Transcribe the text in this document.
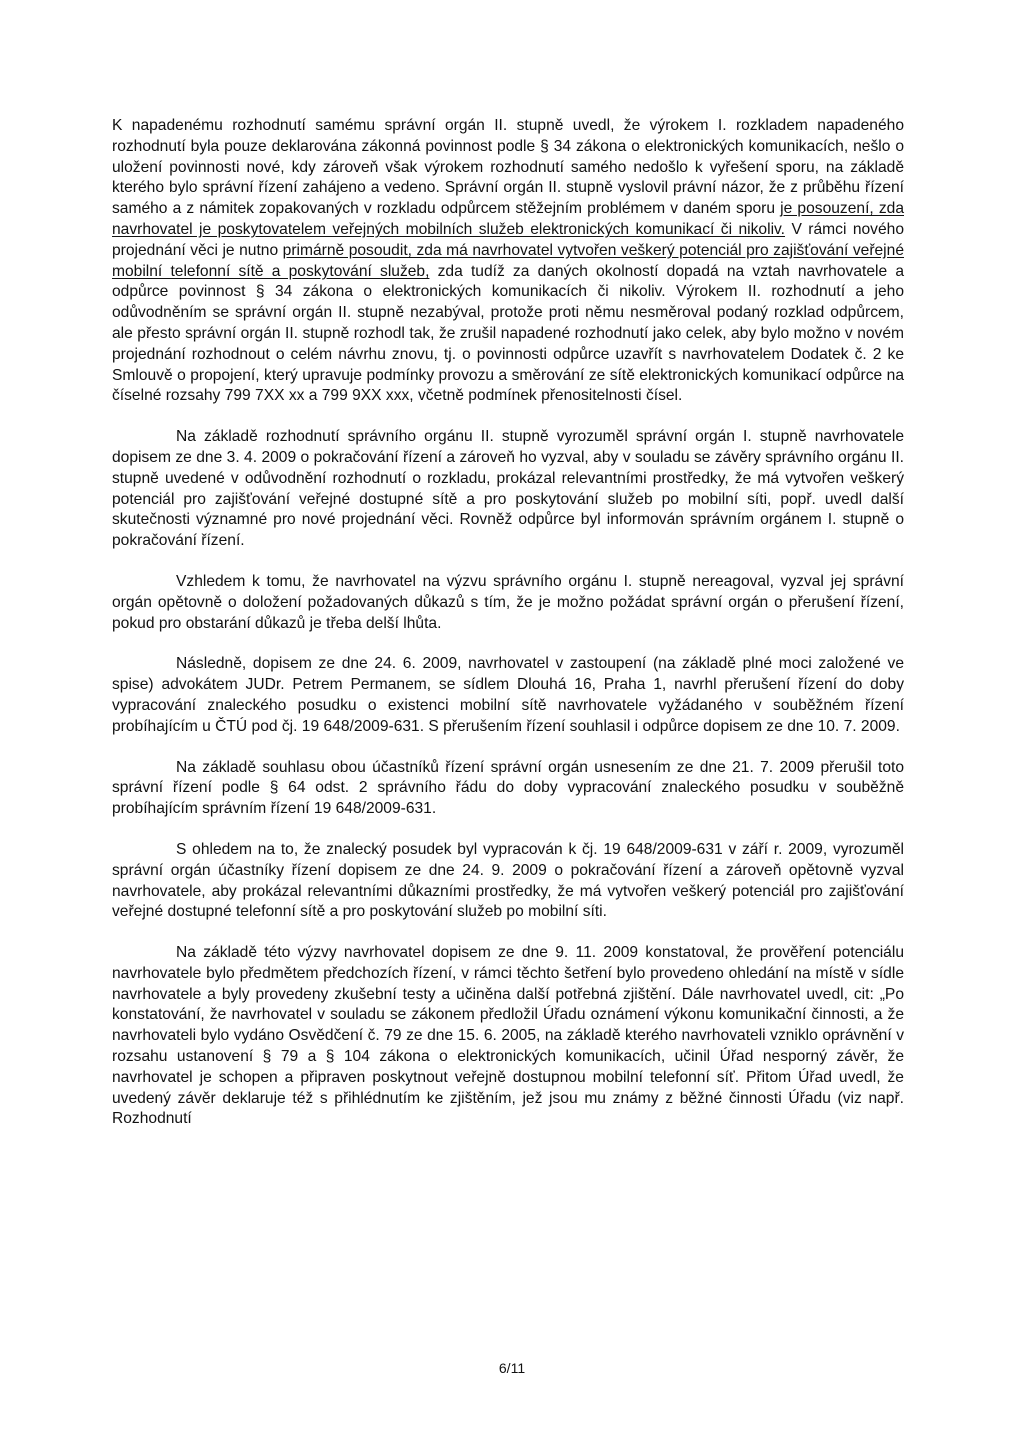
K napadenému rozhodnutí samému správní orgán II. stupně uvedl, že výrokem I. rozkladem napadeného rozhodnutí byla pouze deklarována zákonná povinnost podle § 34 zákona o elektronických komunikacích, nešlo o uložení povinnosti nové, kdy zároveň však výrokem rozhodnutí samého nedošlo k vyřešení sporu, na základě kterého bylo správní řízení zahájeno a vedeno. Správní orgán II. stupně vyslovil právní názor, že z průběhu řízení samého a z námitek zopakovaných v rozkladu odpůrcem stěžejním problémem v daném sporu je posouzení, zda navrhovatel je poskytovatelem veřejných mobilních služeb elektronických komunikací či nikoliv. V rámci nového projednání věci je nutno primárně posoudit, zda má navrhovatel vytvořen veškerý potenciál pro zajišťování veřejné mobilní telefonní sítě a poskytování služeb, zda tudíž za daných okolností dopadá na vztah navrhovatele a odpůrce povinnost § 34 zákona o elektronických komunikacích či nikoliv. Výrokem II. rozhodnutí a jeho odůvodněním se správní orgán II. stupně nezabýval, protože proti němu nesměroval podaný rozklad odpůrcem, ale přesto správní orgán II. stupně rozhodl tak, že zrušil napadené rozhodnutí jako celek, aby bylo možno v novém projednání rozhodnout o celém návrhu znovu, tj. o povinnosti odpůrce uzavřít s navrhovatelem Dodatek č. 2 ke Smlouvě o propojení, který upravuje podmínky provozu a směrování ze sítě elektronických komunikací odpůrce na číselné rozsahy 799 7XX xx a 799 9XX xxx, včetně podmínek přenositelnosti čísel.

Na základě rozhodnutí správního orgánu II. stupně vyrozuměl správní orgán I. stupně navrhovatele dopisem ze dne 3. 4. 2009 o pokračování řízení a zároveň ho vyzval, aby v souladu se závěry správního orgánu II. stupně uvedené v odůvodnění rozhodnutí o rozkladu, prokázal relevantními prostředky, že má vytvořen veškerý potenciál pro zajišťování veřejné dostupné sítě a pro poskytování služeb po mobilní síti, popř. uvedl další skutečnosti významné pro nové projednání věci. Rovněž odpůrce byl informován správním orgánem I. stupně o pokračování řízení.

Vzhledem k tomu, že navrhovatel na výzvu správního orgánu I. stupně nereagoval, vyzval jej správní orgán opětovně o doložení požadovaných důkazů s tím, že je možno požádat správní orgán o přerušení řízení, pokud pro obstarání důkazů je třeba delší lhůta.

Následně, dopisem ze dne 24. 6. 2009, navrhovatel v zastoupení (na základě plné moci založené ve spise) advokátem JUDr. Petrem Permanem, se sídlem Dlouhá 16, Praha 1, navrhl přerušení řízení do doby vypracování znaleckého posudku o existenci mobilní sítě navrhovatele vyžádaného v souběžném řízení probíhajícím u ČTÚ pod čj. 19 648/2009-631. S přerušením řízení souhlasil i odpůrce dopisem ze dne 10. 7. 2009.

Na základě souhlasu obou účastníků řízení správní orgán usnesením ze dne 21. 7. 2009 přerušil toto správní řízení podle § 64 odst. 2 správního řádu do doby vypracování znaleckého posudku v souběžně probíhajícím správním řízení 19 648/2009-631.

S ohledem na to, že znalecký posudek byl vypracován k čj. 19 648/2009-631 v září r. 2009, vyrozuměl správní orgán účastníky řízení dopisem ze dne 24. 9. 2009 o pokračování řízení a zároveň opětovně vyzval navrhovatele, aby prokázal relevantními důkazními prostředky, že má vytvořen veškerý potenciál pro zajišťování veřejné dostupné telefonní sítě a pro poskytování služeb po mobilní síti.

Na základě této výzvy navrhovatel dopisem ze dne 9. 11. 2009 konstatoval, že prověření potenciálu navrhovatele bylo předmětem předchozích řízení, v rámci těchto šetření bylo provedeno ohledání na místě v sídle navrhovatele a byly provedeny zkušební testy a učiněna další potřebná zjištění. Dále navrhovatel uvedl, cit: „Po konstatování, že navrhovatel v souladu se zákonem předložil Úřadu oznámení výkonu komunikační činnosti, a že navrhovateli bylo vydáno Osvědčení č. 79 ze dne 15. 6. 2005, na základě kterého navrhovateli vzniklo oprávnění v rozsahu ustanovení § 79 a § 104 zákona o elektronických komunikacích, učinil Úřad nesporný závěr, že navrhovatel je schopen a připraven poskytnout veřejně dostupnou mobilní telefonní síť. Přitom Úřad uvedl, že uvedený závěr deklaruje též s přihlédnutím ke zjištěním, jež jsou mu známy z běžné činnosti Úřadu (viz např. Rozhodnutí

6/11
